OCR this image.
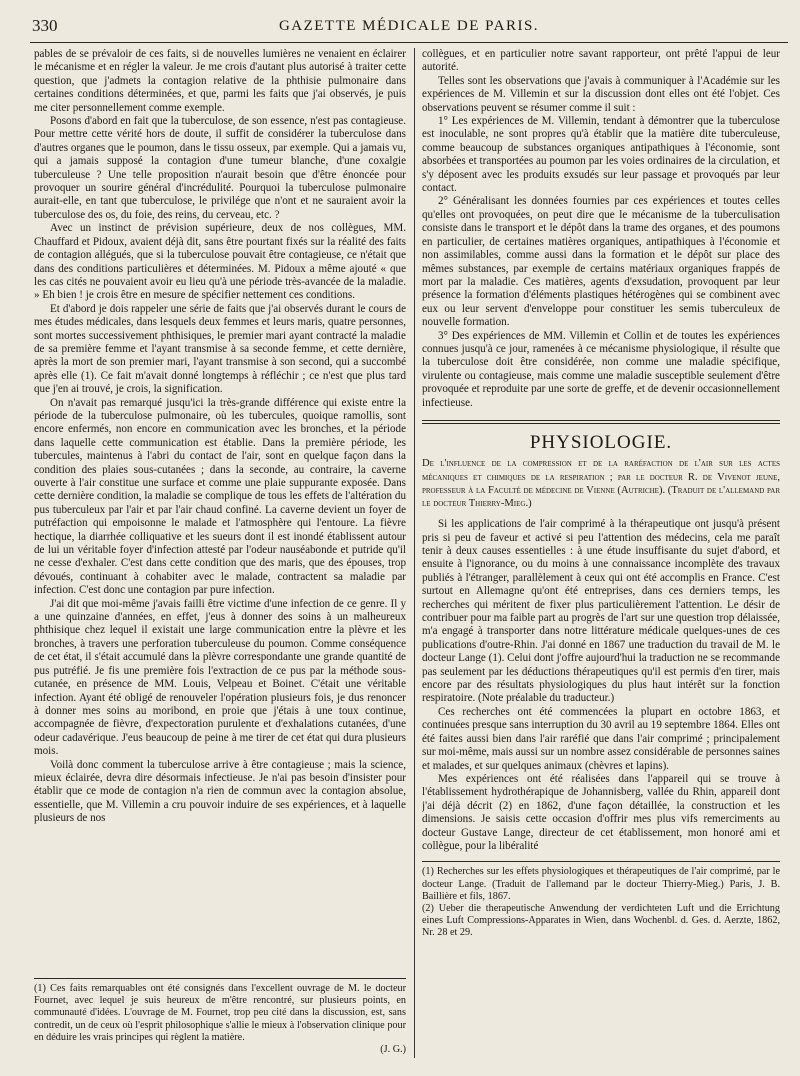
330	GAZETTE MÉDICALE DE PARIS.

pables de se prévaloir de ces faits, si de nouvelles lumières ne venaient en éclairer le mécanisme et en régler la valeur. Je me crois d'autant plus autorisé à traiter cette question, que j'admets la contagion relative de la phthisie pulmonaire dans certaines conditions déterminées, et que, parmi les faits que j'ai observés, je puis me citer personnellement comme exemple.

Posons d'abord en fait que la tuberculose, de son essence, n'est pas contagieuse. Pour mettre cette vérité hors de doute, il suffit de considérer la tuberculose dans d'autres organes que le poumon, dans le tissu osseux, par exemple. Qui a jamais vu, qui a jamais supposé la contagion d'une tumeur blanche, d'une coxalgie tuberculeuse ? Une telle proposition n'aurait besoin que d'être énoncée pour provoquer un sourire général d'incrédulité. Pourquoi la tuberculose pulmonaire aurait-elle, en tant que tuberculose, le privilége que n'ont et ne sauraient avoir la tuberculose des os, du foie, des reins, du cerveau, etc. ?

Avec un instinct de prévision supérieure, deux de nos collègues, MM. Chauffard et Pidoux, avaient déjà dit, sans être pourtant fixés sur la réalité des faits de contagion allégués, que si la tuberculose pouvait être contagieuse, ce n'était que dans des conditions particulières et déterminées. M. Pidoux a même ajouté « que les cas cités ne pouvaient avoir eu lieu qu'à une période très-avancée de la maladie. » Eh bien ! je crois être en mesure de spécifier nettement ces conditions.

Et d'abord je dois rappeler une série de faits que j'ai observés durant le cours de mes études médicales, dans lesquels deux femmes et leurs maris, quatre personnes, sont mortes successivement phthisiques, le premier mari ayant contracté la maladie de sa première femme et l'ayant transmise à sa seconde femme, et cette dernière, après la mort de son premier mari, l'ayant transmise à son second, qui a succombé après elle (1). Ce fait m'avait donné longtemps à réfléchir ; ce n'est que plus tard que j'en ai trouvé, je crois, la signification.

On n'avait pas remarqué jusqu'ici la très-grande différence qui existe entre la période de la tuberculose pulmonaire, où les tubercules, quoique ramollis, sont encore enfermés, non encore en communication avec les bronches, et la période dans laquelle cette communication est établie. Dans la première période, les tubercules, maintenus à l'abri du contact de l'air, sont en quelque façon dans la condition des plaies sous-cutanées ; dans la seconde, au contraire, la caverne ouverte à l'air constitue une surface et comme une plaie suppurante exposée. Dans cette dernière condition, la maladie se complique de tous les effets de l'altération du pus tuberculeux par l'air et par l'air chaud confiné. La caverne devient un foyer de putréfaction qui empoisonne le malade et l'atmosphère qui l'entoure. La fièvre hectique, la diarrhée colliquative et les sueurs dont il est inondé établissent autour de lui un véritable foyer d'infection attesté par l'odeur nauséabonde et putride qu'il ne cesse d'exhaler. C'est dans cette condition que des maris, que des épouses, trop dévoués, continuant à cohabiter avec le malade, contractent sa maladie par infection. C'est donc une contagion par pure infection.

J'ai dit que moi-même j'avais failli être victime d'une infection de ce genre. Il y a une quinzaine d'années, en effet, j'eus à donner des soins à un malheureux phthisique chez lequel il existait une large communication entre la plèvre et les bronches, à travers une perforation tuberculeuse du poumon. Comme conséquence de cet état, il s'était accumulé dans la plèvre correspondante une grande quantité de pus putréfié. Je fis une première fois l'extraction de ce pus par la méthode sous-cutanée, en présence de MM. Louis, Velpeau et Boinet. C'était une véritable infection. Ayant été obligé de renouveler l'opération plusieurs fois, je dus renoncer à donner mes soins au moribond, en proie que j'étais à une toux continue, accompagnée de fièvre, d'expectoration purulente et d'exhalations cutanées, d'une odeur cadavérique. J'eus beaucoup de peine à me tirer de cet état qui dura plusieurs mois.

Voilà donc comment la tuberculose arrive à être contagieuse ; mais la science, mieux éclairée, devra dire désormais infectieuse. Je n'ai pas besoin d'insister pour établir que ce mode de contagion n'a rien de commun avec la contagion absolue, essentielle, que M. Villemin a cru pouvoir induire de ses expériences, et à laquelle plusieurs de nos

(1) Ces faits remarquables ont été consignés dans l'excellent ouvrage de M. le docteur Fournet, avec lequel je suis heureux de m'être rencontré, sur plusieurs points, en communauté d'idées. L'ouvrage de M. Fournet, trop peu cité dans la discussion, est, sans contredit, un de ceux où l'esprit philosophique s'allie le mieux à l'observation clinique pour en déduire les vrais principes qui règlent la matière.

(J. G.)

collègues, et en particulier notre savant rapporteur, ont prêté l'appui de leur autorité.

Telles sont les observations que j'avais à communiquer à l'Académie sur les expériences de M. Villemin et sur la discussion dont elles ont été l'objet. Ces observations peuvent se résumer comme il suit :

1° Les expériences de M. Villemin, tendant à démontrer que la tuberculose est inoculable, ne sont propres qu'à établir que la matière dite tuberculeuse, comme beaucoup de substances organiques antipathiques à l'économie, sont absorbées et transportées au poumon par les voies ordinaires de la circulation, et s'y déposent avec les produits exsudés sur leur passage et provoqués par leur contact.

2° Généralisant les données fournies par ces expériences et toutes celles qu'elles ont provoquées, on peut dire que le mécanisme de la tuberculisation consiste dans le transport et le dépôt dans la trame des organes, et des poumons en particulier, de certaines matières organiques, antipathiques à l'économie et non assimilables, comme aussi dans la formation et le dépôt sur place des mêmes substances, par exemple de certains matériaux organiques frappés de mort par la maladie. Ces matières, agents d'exsudation, provoquent par leur présence la formation d'éléments plastiques hétérogènes qui se combinent avec eux ou leur servent d'enveloppe pour constituer les semis tuberculeux de nouvelle formation.

3° Des expériences de MM. Villemin et Collin et de toutes les expériences connues jusqu'à ce jour, ramenées à ce mécanisme physiologique, il résulte que la tuberculose doit être considérée, non comme une maladie spécifique, virulente ou contagieuse, mais comme une maladie susceptible seulement d'être provoquée et reproduite par une sorte de greffe, et de devenir occasionnellement infectieuse.

PHYSIOLOGIE.

De l'influence de la compression et de la raréfaction de l'air sur les actes mécaniques et chimiques de la respiration ; par le docteur R. de Vivenot jeune, professeur à la Faculté de médecine de Vienne (Autriche). (Traduit de l'allemand par le docteur Thierry-Mieg.)

Si les applications de l'air comprimé à la thérapeutique ont jusqu'à présent pris si peu de faveur et activé si peu l'attention des médecins, cela me paraît tenir à deux causes essentielles : à une étude insuffisante du sujet d'abord, et ensuite à l'ignorance, ou du moins à une connaissance incomplète des travaux publiés à l'étranger, parallèlement à ceux qui ont été accomplis en France. C'est surtout en Allemagne qu'ont été entreprises, dans ces derniers temps, les recherches qui méritent de fixer plus particulièrement l'attention. Le désir de contribuer pour ma faible part au progrès de l'art sur une question trop délaissée, m'a engagé à transporter dans notre littérature médicale quelques-unes de ces publications d'outre-Rhin. J'ai donné en 1867 une traduction du travail de M. le docteur Lange (1). Celui dont j'offre aujourd'hui la traduction ne se recommande pas seulement par les déductions thérapeutiques qu'il est permis d'en tirer, mais encore par des résultats physiologiques du plus haut intérêt sur la fonction respiratoire. (Note préalable du traducteur.)

Ces recherches ont été commencées la plupart en octobre 1863, et continuées presque sans interruption du 30 avril au 19 septembre 1864. Elles ont été faites aussi bien dans l'air raréfié que dans l'air comprimé ; principalement sur moi-même, mais aussi sur un nombre assez considérable de personnes saines et malades, et sur quelques animaux (chèvres et lapins).

Mes expériences ont été réalisées dans l'appareil qui se trouve à l'établissement hydrothérapique de Johannisberg, vallée du Rhin, appareil dont j'ai déjà décrit (2) en 1862, d'une façon détaillée, la construction et les dimensions. Je saisis cette occasion d'offrir mes plus vifs remerciments au docteur Gustave Lange, directeur de cet établissement, mon honoré ami et collègue, pour la libéralité

(1) Recherches sur les effets physiologiques et thérapeutiques de l'air comprimé, par le docteur Lange. (Traduit de l'allemand par le docteur Thierry-Mieg.) Paris, J. B. Baillière et fils, 1867.

(2) Ueber die therapeutische Anwendung der verdichteten Luft und die Errichtung eines Luft Compressions-Apparates in Wien, dans Wochenbl. d. Ges. d. Aerzte, 1862, Nr. 28 et 29.
